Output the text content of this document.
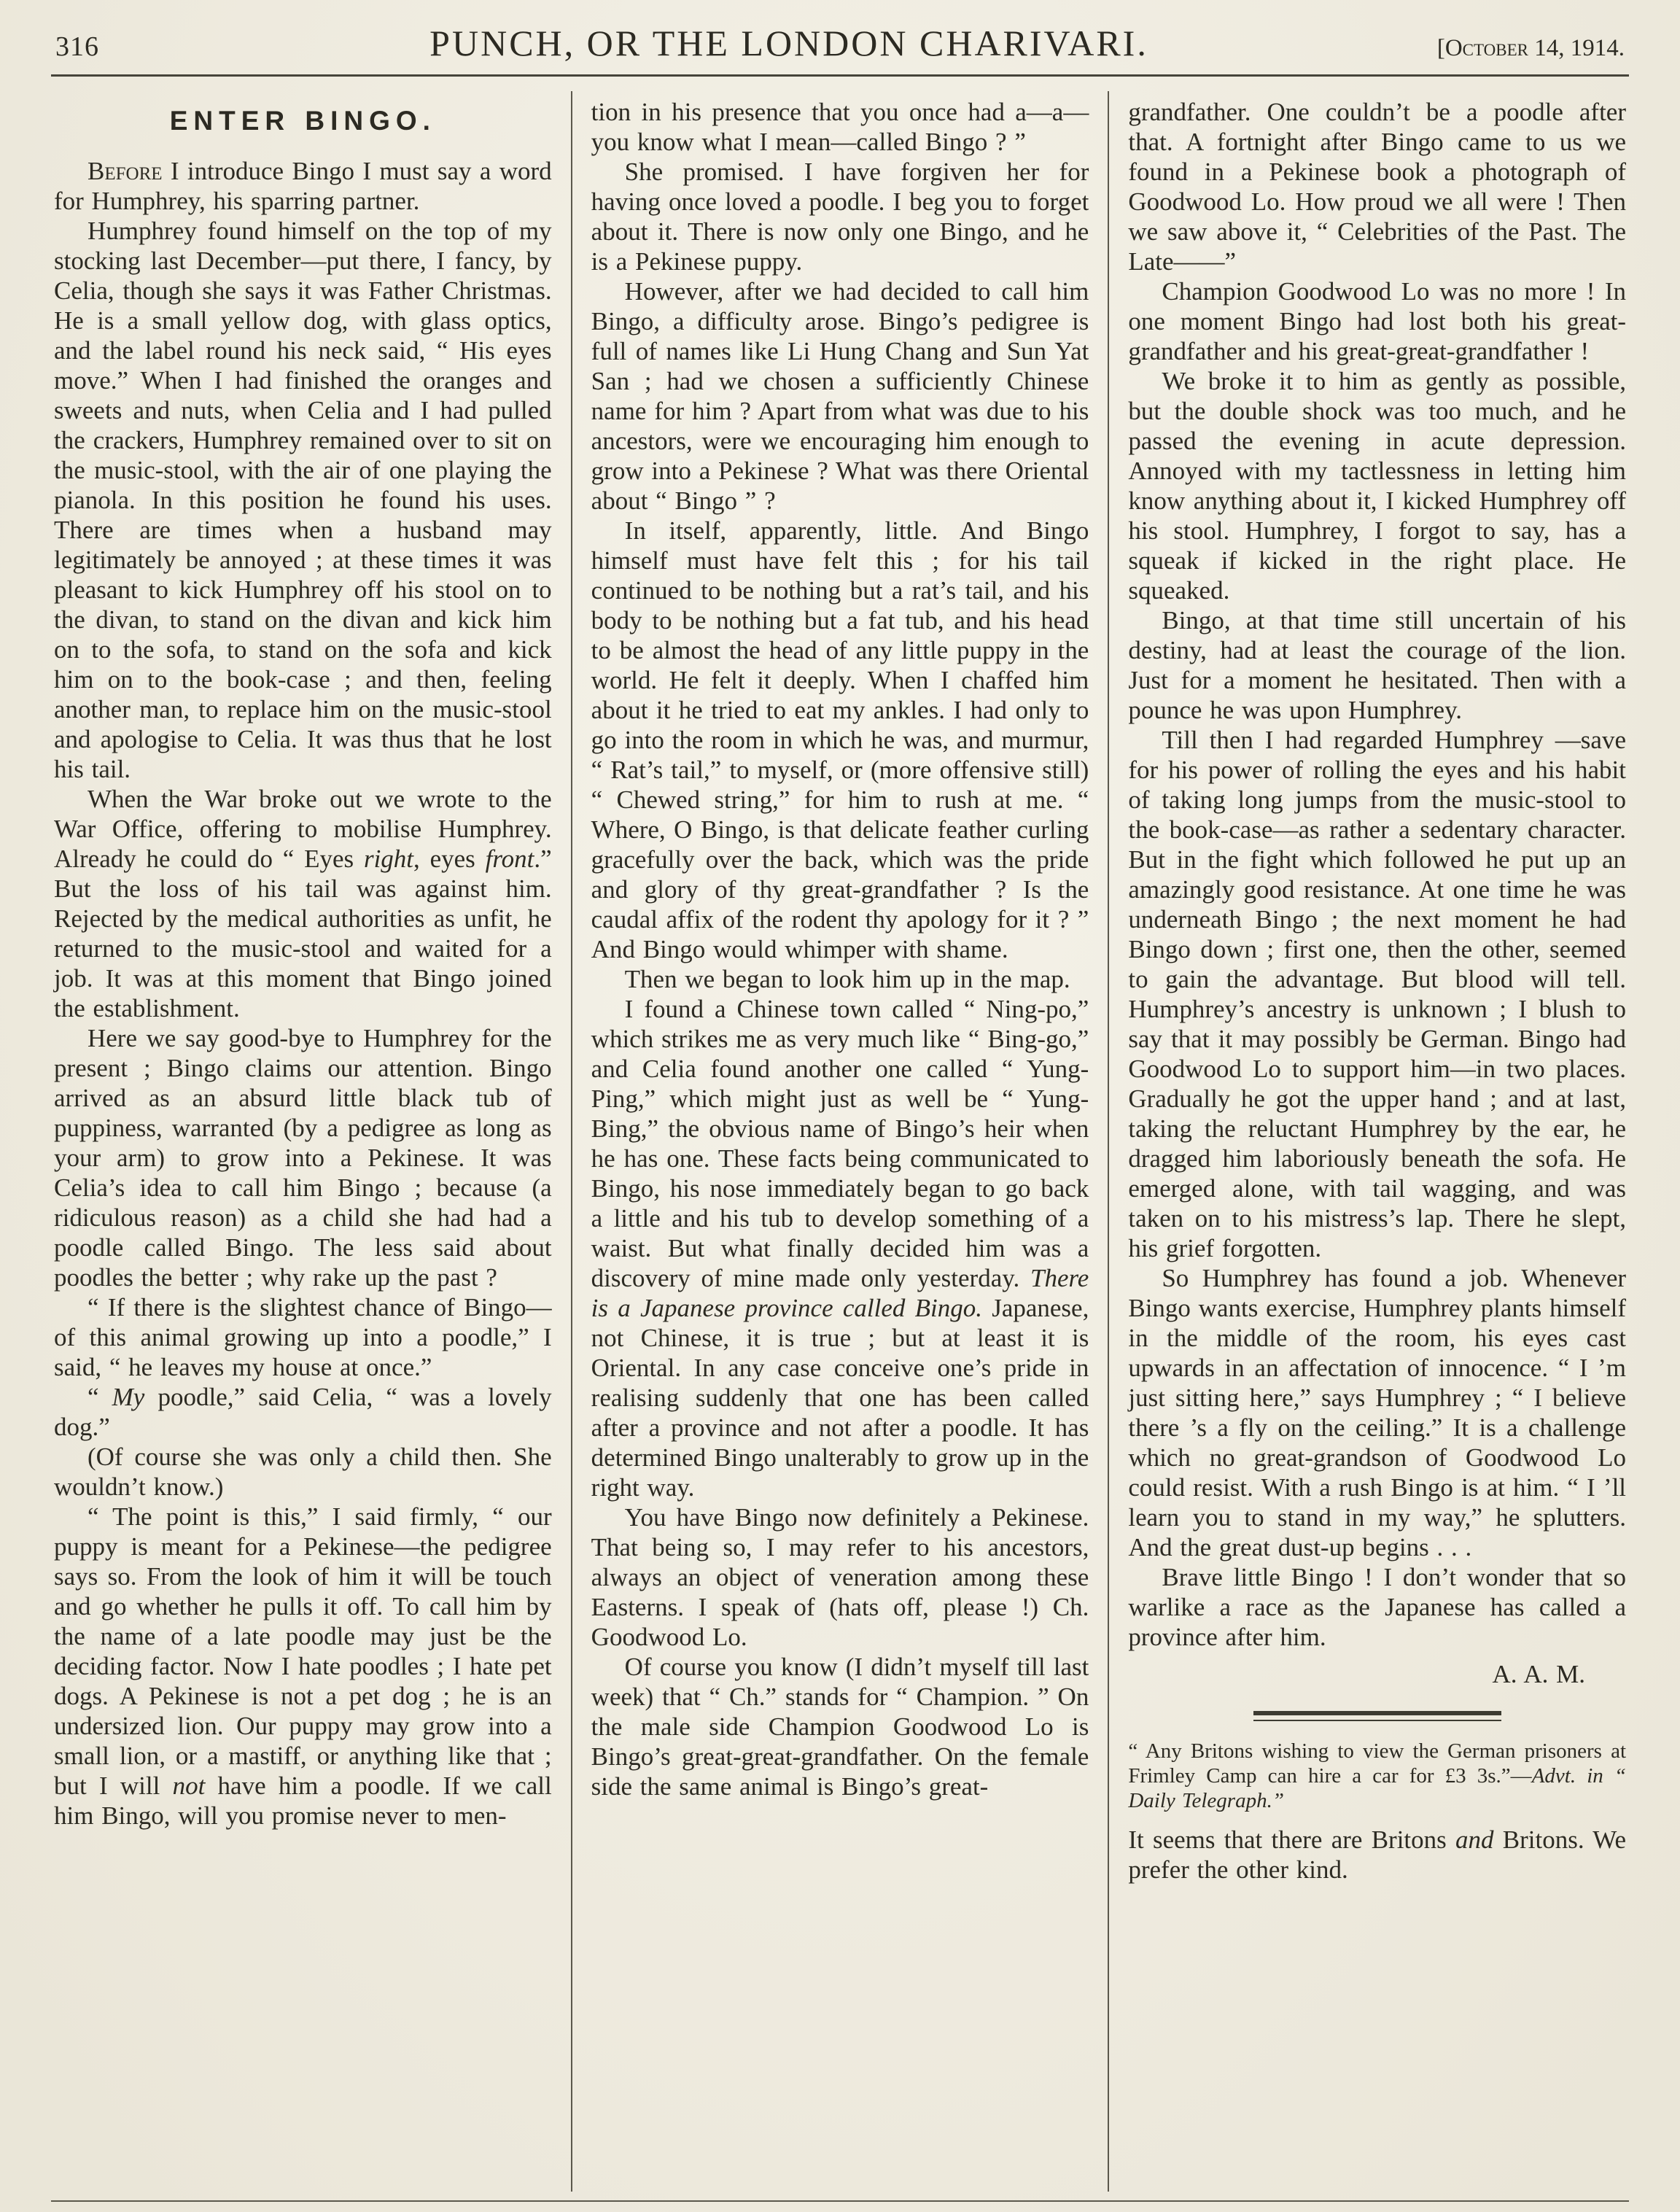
316	PUNCH, OR THE LONDON CHARIVARI.	[October 14, 1914.
ENTER BINGO.

Before I introduce Bingo I must say a word for Humphrey, his sparring partner.

Humphrey found himself on the top of my stocking last December—put there, I fancy, by Celia, though she says it was Father Christmas. He is a small yellow dog, with glass optics, and the label round his neck said, “ His eyes move.” When I had finished the oranges and sweets and nuts, when Celia and I had pulled the crackers, Humphrey remained over to sit on the music-stool, with the air of one playing the pianola. In this position he found his uses. There are times when a husband may legitimately be annoyed ; at these times it was pleasant to kick Humphrey off his stool on to the divan, to stand on the divan and kick him on to the sofa, to stand on the sofa and kick him on to the book-case ; and then, feeling another man, to replace him on the music-stool and apologise to Celia. It was thus that he lost his tail.

When the War broke out we wrote to the War Office, offering to mobilise Humphrey. Already he could do “ Eyes right, eyes front.” But the loss of his tail was against him. Rejected by the medical authorities as unfit, he returned to the music-stool and waited for a job. It was at this moment that Bingo joined the establishment.

Here we say good-bye to Humphrey for the present ; Bingo claims our attention. Bingo arrived as an absurd little black tub of puppiness, warranted (by a pedigree as long as your arm) to grow into a Pekinese. It was Celia’s idea to call him Bingo ; because (a ridiculous reason) as a child she had had a poodle called Bingo. The less said about poodles the better ; why rake up the past ?

“ If there is the slightest chance of Bingo—of this animal growing up into a poodle,” I said, “ he leaves my house at once.”

“ My poodle,” said Celia, “ was a lovely dog.”

(Of course she was only a child then. She wouldn’t know.)

“ The point is this,” I said firmly, “ our puppy is meant for a Pekinese—the pedigree says so. From the look of him it will be touch and go whether he pulls it off. To call him by the name of a late poodle may just be the deciding factor. Now I hate poodles ; I hate pet dogs. A Pekinese is not a pet dog ; he is an undersized lion. Our puppy may grow into a small lion, or a mastiff, or anything like that ; but I will not have him a poodle. If we call him Bingo, will you promise never to men-

tion in his presence that you once had a—a—you know what I mean—called Bingo ? ”

She promised. I have forgiven her for having once loved a poodle. I beg you to forget about it. There is now only one Bingo, and he is a Pekinese puppy.

However, after we had decided to call him Bingo, a difficulty arose. Bingo’s pedigree is full of names like Li Hung Chang and Sun Yat San ; had we chosen a sufficiently Chinese name for him ? Apart from what was due to his ancestors, were we encouraging him enough to grow into a Pekinese ? What was there Oriental about “ Bingo ” ?

In itself, apparently, little. And Bingo himself must have felt this ; for his tail continued to be nothing but a rat’s tail, and his body to be nothing but a fat tub, and his head to be almost the head of any little puppy in the world. He felt it deeply. When I chaffed him about it he tried to eat my ankles. I had only to go into the room in which he was, and murmur, “ Rat’s tail,” to myself, or (more offensive still) “ Chewed string,” for him to rush at me. “ Where, O Bingo, is that delicate feather curling gracefully over the back, which was the pride and glory of thy great-grandfather ? Is the caudal affix of the rodent thy apology for it ? ” And Bingo would whimper with shame.

Then we began to look him up in the map.

I found a Chinese town called “ Ning-po,” which strikes me as very much like “ Bing-go,” and Celia found another one called “ Yung-Ping,” which might just as well be “ Yung-Bing,” the obvious name of Bingo’s heir when he has one. These facts being communicated to Bingo, his nose immediately began to go back a little and his tub to develop something of a waist. But what finally decided him was a discovery of mine made only yesterday. There is a Japanese province called Bingo. Japanese, not Chinese, it is true ; but at least it is Oriental. In any case conceive one’s pride in realising suddenly that one has been called after a province and not after a poodle. It has determined Bingo unalterably to grow up in the right way.

You have Bingo now definitely a Pekinese. That being so, I may refer to his ancestors, always an object of veneration among these Easterns. I speak of (hats off, please !) Ch. Goodwood Lo.

Of course you know (I didn’t myself till last week) that “ Ch.” stands for “ Champion. ” On the male side Champion Goodwood Lo is Bingo’s great-great-grandfather. On the female side the same animal is Bingo’s great-

grandfather. One couldn’t be a poodle after that. A fortnight after Bingo came to us we found in a Pekinese book a photograph of Goodwood Lo. How proud we all were ! Then we saw above it, “ Celebrities of the Past. The Late——”

Champion Goodwood Lo was no more ! In one moment Bingo had lost both his great-grandfather and his great-great-grandfather !

We broke it to him as gently as possible, but the double shock was too much, and he passed the evening in acute depression. Annoyed with my tactlessness in letting him know anything about it, I kicked Humphrey off his stool. Humphrey, I forgot to say, has a squeak if kicked in the right place. He squeaked.

Bingo, at that time still uncertain of his destiny, had at least the courage of the lion. Just for a moment he hesitated. Then with a pounce he was upon Humphrey.

Till then I had regarded Humphrey —save for his power of rolling the eyes and his habit of taking long jumps from the music-stool to the book-case—as rather a sedentary character. But in the fight which followed he put up an amazingly good resistance. At one time he was underneath Bingo ; the next moment he had Bingo down ; first one, then the other, seemed to gain the advantage. But blood will tell. Humphrey’s ancestry is unknown ; I blush to say that it may possibly be German. Bingo had Goodwood Lo to support him—in two places. Gradually he got the upper hand ; and at last, taking the reluctant Humphrey by the ear, he dragged him laboriously beneath the sofa. He emerged alone, with tail wagging, and was taken on to his mistress’s lap. There he slept, his grief forgotten.

So Humphrey has found a job. Whenever Bingo wants exercise, Humphrey plants himself in the middle of the room, his eyes cast upwards in an affectation of innocence. “ I ’m just sitting here,” says Humphrey ; “ I believe there ’s a fly on the ceiling.” It is a challenge which no great-grandson of Goodwood Lo could resist. With a rush Bingo is at him. “ I ’ll learn you to stand in my way,” he splutters. And the great dust-up begins . . .

Brave little Bingo ! I don’t wonder that so warlike a race as the Japanese has called a province after him.

A. A. M.

“ Any Britons wishing to view the German prisoners at Frimley Camp can hire a car for £3 3s.”—Advt. in “ Daily Telegraph.”

It seems that there are Britons and Britons. We prefer the other kind.
